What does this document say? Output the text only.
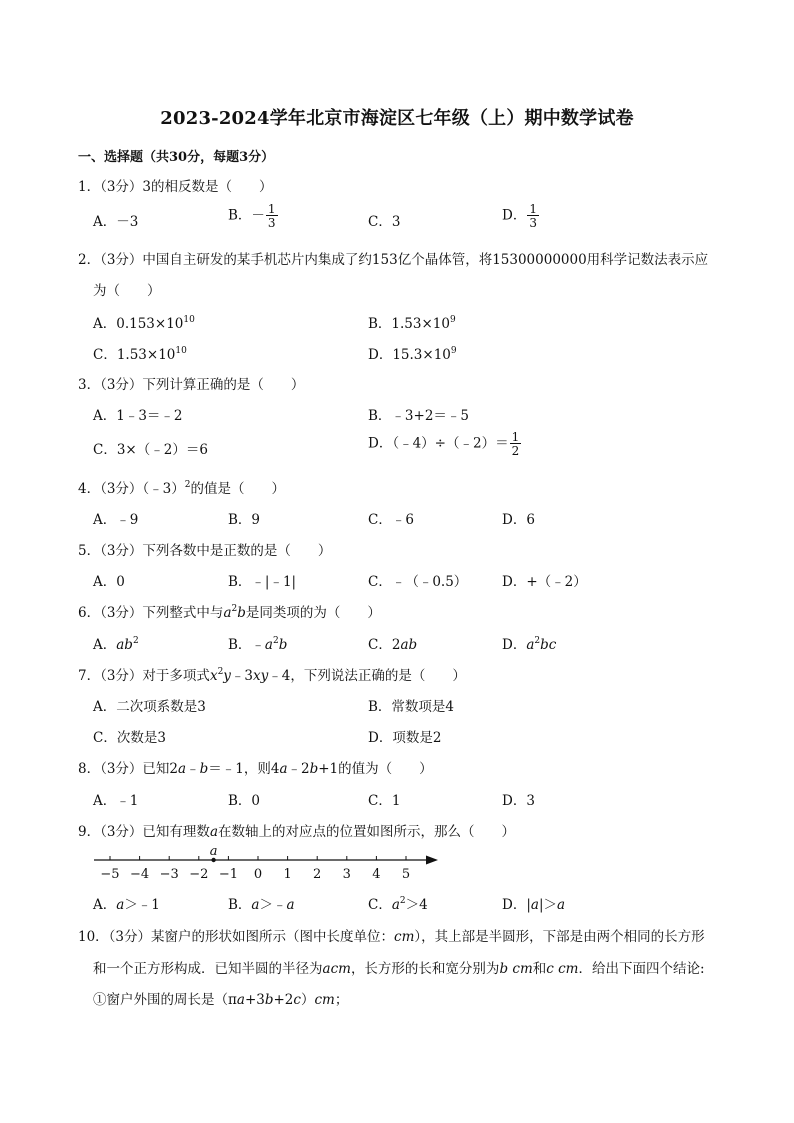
2023-2024学年北京市海淀区七年级（上）期中数学试卷
一、选择题（共30分，每题3分）
1．（3分）3的相反数是（　　）
A．－3	B．－ $\frac{1}{3}$	C．3	D． $\frac{1}{3}$
2．（3分）中国自主研发的某手机芯片内集成了约153亿个晶体管，将15300000000用科学记数法表示应
为（　　）
A．$0.153\times 10^{10}$	B．$1.53\times 10^9$
C．$1.53\times 10^{10}$	D．$15.3\times 10^9$
3．（3分）下列计算正确的是（　　）
A．1﹣3＝﹣2	B．﹣3+2＝﹣5
C．3×（﹣2）＝6	D．（﹣4）÷（﹣2）＝ $\frac{1}{2}$
4．（3分）（﹣3）$^2$的值是（　　）
A．﹣9	B．9	C．﹣6	D．6
5．（3分）下列各数中是正数的是（　　）
A．0	B．﹣|﹣1|	C．﹣（﹣0.5）	D．+（﹣2）
6．（3分）下列整式中与$a^2b$是同类项的为（　　）
A．$ab^2$	B．$﹣a^2b$	C．2ab	D．$a^2bc$
7．（3分）对于多项式$x^2y﹣3xy﹣4$，下列说法正确的是（　　）
A．二次项系数是3	B．常数项是4
C．次数是3	D．项数是2
8．（3分）已知2a﹣b＝﹣1，则4a﹣2b+1的值为（　　）
A．﹣1	B．0	C．1	D．3
9．（3分）已知有理数a在数轴上的对应点的位置如图所示，那么（　　）
−5 −4 −3 −2 −1 0 1 2 3 4 5
a
A．a＞﹣1	B．a＞﹣a	C．$a^2>4$	D．|a|＞a
10．（3分）某窗户的形状如图所示（图中长度单位：cm），其上部是半圆形，下部是由两个相同的长方形
和一个正方形构成．已知半圆的半径为acm，长方形的长和宽分别为b cm和c cm．给出下面四个结论:
①窗户外围的周长是（πa+3b+2c）cm；
